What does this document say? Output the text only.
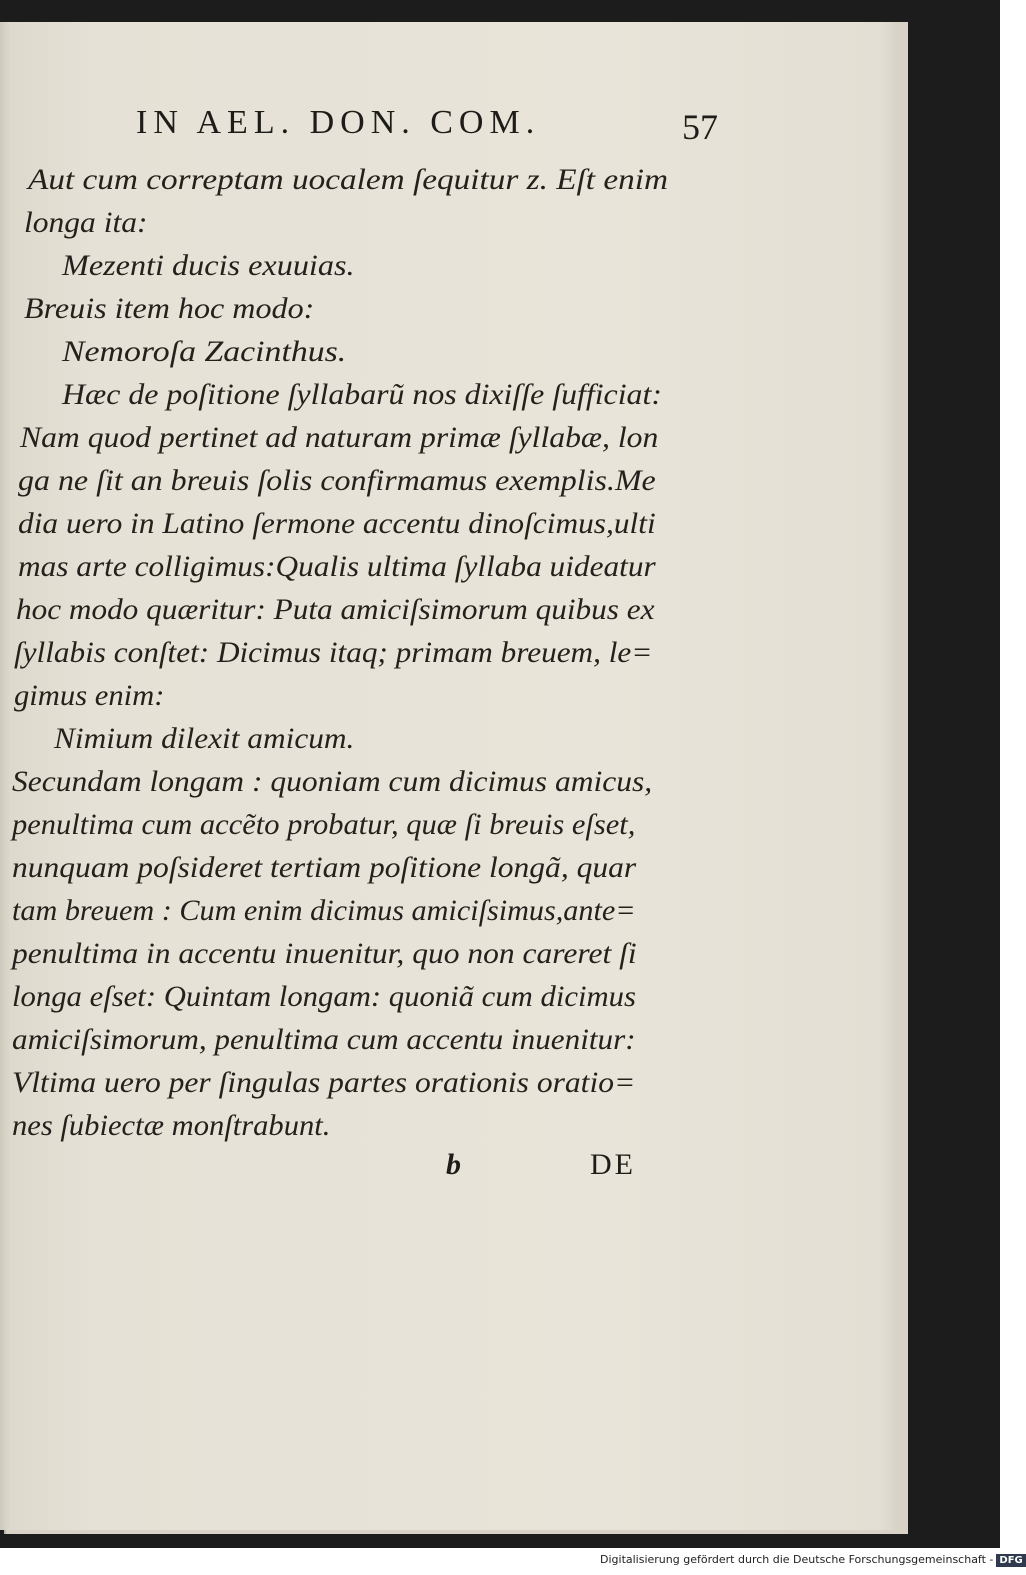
IN AEL. DON. COM.	57
Aut cum correptam uocalem ſequitur z. Eſt enim
longa ita:
Mezenti ducis exuuias.
Breuis item hoc modo:
Nemoroſa Zacinthus.
Hæc de poſitione ſyllabarũ nos dixiſſe ſufficiat:
Nam quod pertinet ad naturam primæ ſyllabæ, lon
ga ne ſit an breuis ſolis confirmamus exemplis.Me
dia uero in Latino ſermone accentu dinoſcimus,ulti
mas arte colligimus:Qualis ultima ſyllaba uideatur
hoc modo quæritur: Puta amiciſsimorum quibus ex
ſyllabis conſtet: Dicimus itaq; primam breuem, le=
gimus enim:
Nimium dilexit amicum.
Secundam longam : quoniam cum dicimus amicus,
penultima cum accẽto probatur, quæ ſi breuis eſset,
nunquam poſsideret tertiam poſitione longã, quar
tam breuem : Cum enim dicimus amiciſsimus,ante=
penultima in accentu inuenitur, quo non careret ſi
longa eſset: Quintam longam: quoniã cum dicimus
amiciſsimorum, penultima cum accentu inuenitur:
Vltima uero per ſingulas partes orationis oratio=
nes ſubiectæ monſtrabunt.
b	DE
Digitalisierung gefördert durch die Deutsche Forschungsgemeinschaft - DFG
